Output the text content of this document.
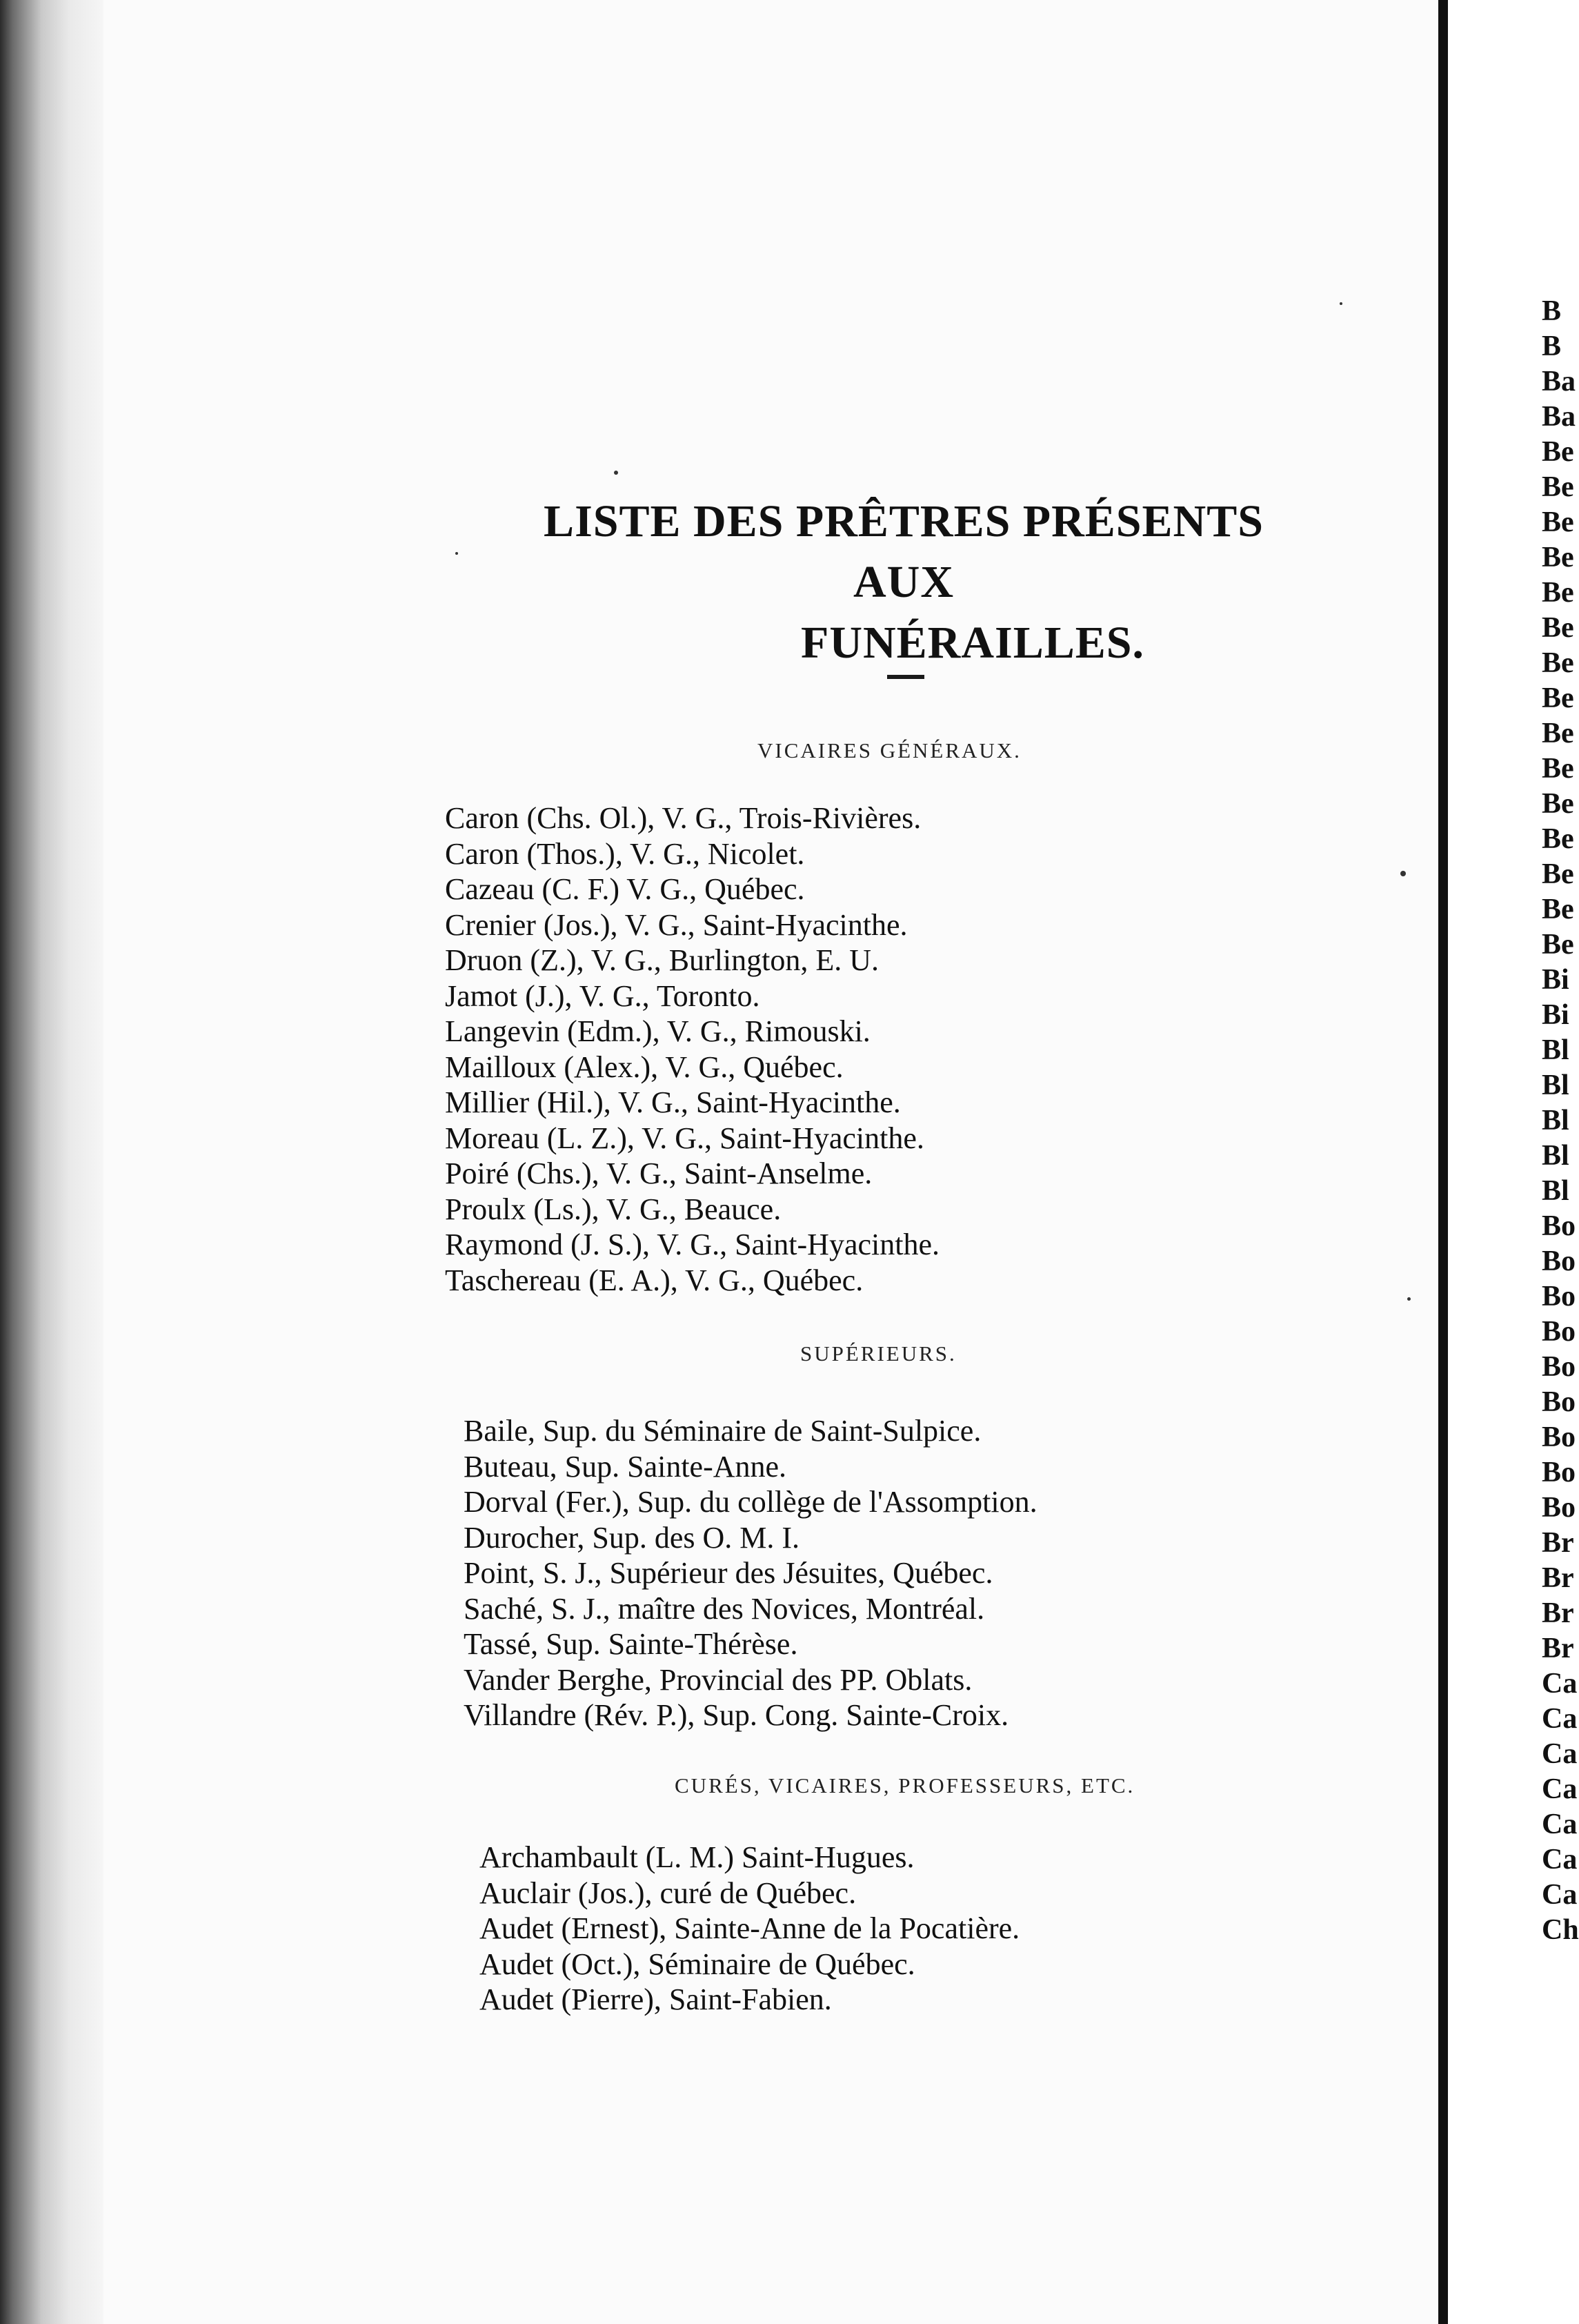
B
B
Ba
Ba
Be
Be
Be
Be
Be
Be
Be
Be
Be
Be
Be
Be
Be
Be
Be
Bi
Bi
Bl
Bl
Bl
Bl
Bl
Bo
Bo
Bo
Bo
Bo
Bo
Bo
Bo
Bo
Br
Br
Br
Br
Ca
Ca
Ca
Ca
Ca
Ca
Ca
Ch
LISTE DES PRÊTRES PRÉSENTS AUX
FUNÉRAILLES.
VICAIRES GÉNÉRAUX.
Caron (Chs. Ol.), V. G., Trois-Rivières.
Caron (Thos.), V. G., Nicolet.
Cazeau (C. F.) V. G., Québec.
Crenier (Jos.), V. G., Saint-Hyacinthe.
Druon (Z.), V. G., Burlington, E. U.
Jamot (J.), V. G., Toronto.
Langevin (Edm.), V. G., Rimouski.
Mailloux (Alex.), V. G., Québec.
Millier (Hil.), V. G., Saint-Hyacinthe.
Moreau (L. Z.), V. G., Saint-Hyacinthe.
Poiré (Chs.), V. G., Saint-Anselme.
Proulx (Ls.), V. G., Beauce.
Raymond (J. S.), V. G., Saint-Hyacinthe.
Taschereau (E. A.), V. G., Québec.
SUPÉRIEURS.
Baile, Sup. du Séminaire de Saint-Sulpice.
Buteau, Sup. Sainte-Anne.
Dorval (Fer.), Sup. du collège de l'Assomption.
Durocher, Sup. des O. M. I.
Point, S. J., Supérieur des Jésuites, Québec.
Saché, S. J., maître des Novices, Montréal.
Tassé, Sup. Sainte-Thérèse.
Vander Berghe, Provincial des PP. Oblats.
Villandre (Rév. P.), Sup. Cong. Sainte-Croix.
CURÉS, VICAIRES, PROFESSEURS, ETC.
Archambault (L. M.) Saint-Hugues.
Auclair (Jos.), curé de Québec.
Audet (Ernest), Sainte-Anne de la Pocatière.
Audet (Oct.), Séminaire de Québec.
Audet (Pierre), Saint-Fabien.
